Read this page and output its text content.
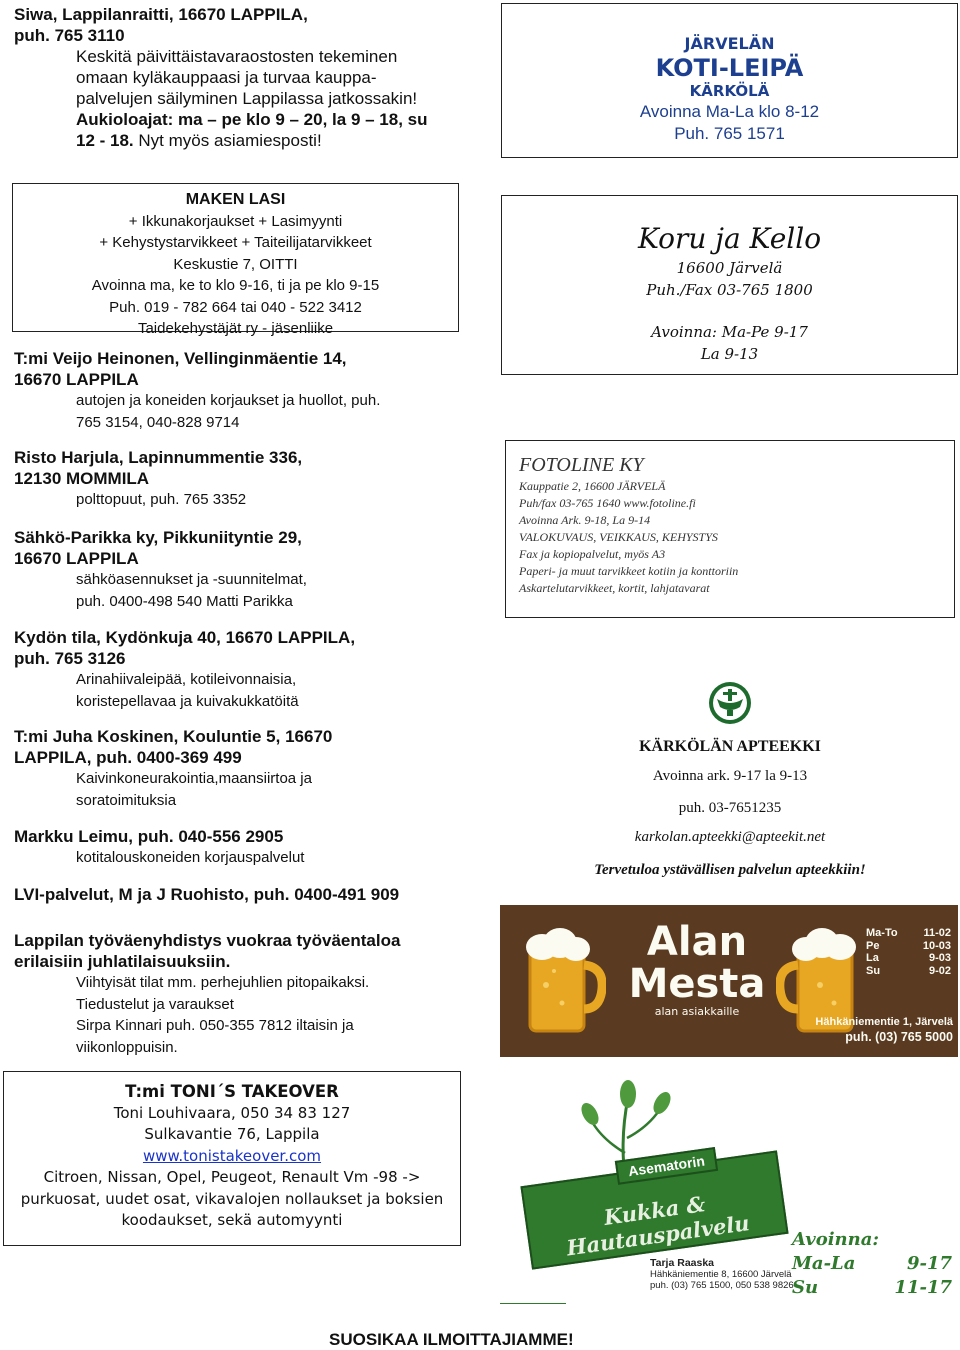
Siwa, Lappilanraitti, 16670 LAPPILA,
puh. 765 3110
Keskitä päivittäistavaraostosten tekeminen
omaan kyläkauppaasi ja turvaa kauppa-
palvelujen säilyminen Lappilassa jatkossakin!
Aukioloajat: ma – pe klo 9 – 20, la 9 – 18, su
12 - 18. Nyt myös asiamiesposti!
JÄRVELÄN
KOTI-LEIPÄ
KÄRKÖLÄ
Avoinna Ma-La klo 8-12
Puh. 765 1571
MAKEN LASI
+ Ikkunakorjaukset + Lasimyynti
+ Kehystystarvikkeet + Taiteilijatarvikkeet
Keskustie 7, OITTI
Avoinna ma, ke to klo 9-16, ti ja pe klo 9-15
Puh. 019 - 782 664 tai 040 - 522 3412
Taidekehystäjät ry - jäsenliike
Koru ja Kello
16600 Järvelä
Puh./Fax 03-765 1800
Avoinna: Ma-Pe 9-17
La 9-13
T:mi Veijo Heinonen, Vellinginmäentie 14,
16670 LAPPILA
autojen ja koneiden korjaukset ja huollot, puh.
765 3154, 040-828 9714
Risto Harjula, Lapinnummentie 336,
12130 MOMMILA
polttopuut, puh. 765 3352
Sähkö-Parikka ky, Pikkuniityntie 29,
16670 LAPPILA
sähköasennukset ja -suunnitelmat,
puh. 0400-498 540 Matti Parikka
FOTOLINE KY
Kauppatie 2, 16600 JÄRVELÄ
Puh/fax 03-765 1640 www.fotoline.fi
Avoinna Ark. 9-18, La 9-14
VALOKUVAUS, VEIKKAUS, KEHYSTYS
Fax ja kopiopalvelut, myös A3
Paperi- ja muut tarvikkeet kotiin ja konttoriin
Askartelutarvikkeet, kortit, lahjatavarat
Kydön tila, Kydönkuja 40, 16670 LAPPILA,
puh. 765 3126
Arinahiivaleipää, kotileivonnaisia,
koristepellavaa ja kuivakukkatöitä
T:mi Juha Koskinen, Kouluntie 5, 16670
LAPPILA, puh. 0400-369 499
Kaivinkoneurakointia,maansiirtoa ja
soratoimituksia
Markku Leimu, puh. 040-556 2905
kotitalouskoneiden korjauspalvelut
LVI-palvelut, M ja J Ruohisto, puh. 0400-491 909
Lappilan työväenyhdistys vuokraa työväentaloa
erilaisiin juhlatilaisuuksiin.
Viihtyisät tilat mm. perhejuhlien pitopaikaksi.
Tiedustelut ja varaukset
Sirpa Kinnari puh. 050-355 7812 iltaisin ja
viikonloppuisin.
KÄRKÖLÄN APTEEKKI
Avoinna ark. 9-17 la 9-13
puh. 03-7651235
karkolan.apteekki@apteekit.net
Tervetuloa ystävällisen palvelun apteekkiin!
Alan
Mesta
alan asiakkaille
Ma-To 11-02
Pe	10-03
La	9-03
Su	9-02
Hähkäniementie 1, Järvelä
puh. (03) 765 5000
T:mi TONI´S TAKEOVER
Toni Louhivaara, 050 34 83 127
Sulkavantie 76, Lappila
www.tonistakeover.com
Citroen, Nissan, Opel, Peugeot, Renault Vm -98 ->
purkuosat, uudet osat, vikavalojen nollaukset ja boksien
koodaukset, sekä automyynti
Asematorin
Kukka & Hautauspalvelu
Tarja Raaska
Hähkäniementie 8, 16600 Järvelä
puh. (03) 765 1500, 050 538 9826
Avoinna:
Ma-La	9-17
Su	11-17
SUOSIKAA ILMOITTAJIAMME!
